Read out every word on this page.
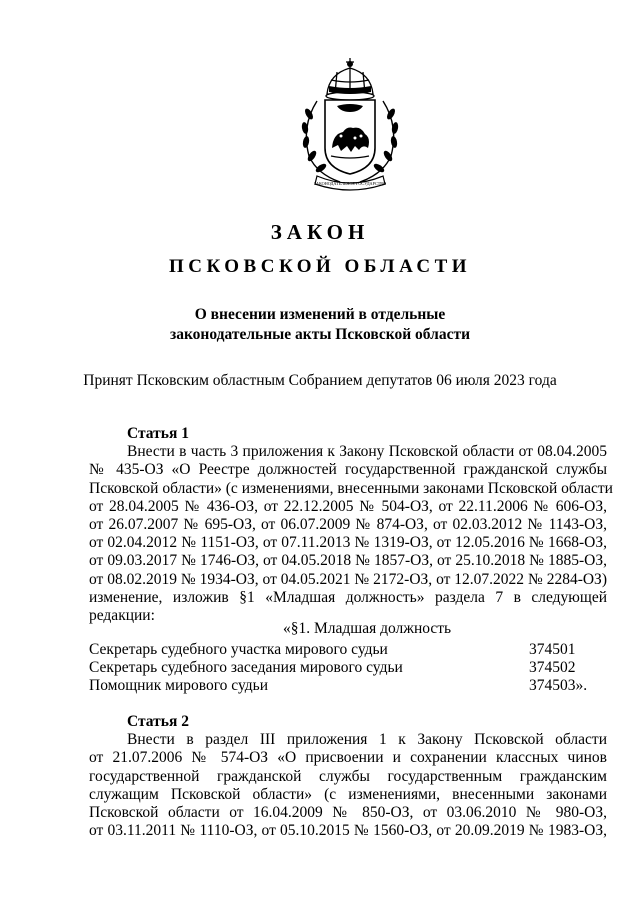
ЗАКОНОДАТЕЛЬНОЕ ГОСУДАРСТВО
ЗАКОН
ПСКОВСКОЙ ОБЛАСТИ
О внесении изменений в отдельные
законодательные акты Псковской области
Принят Псковским областным Собранием депутатов 06 июля 2023 года

Статья 1

Внести в часть 3 приложения к Закону Псковской области от 08.04.2005
№ 435-ОЗ «О Реестре должностей государственной гражданской службы
Псковской области» (с изменениями, внесенными законами Псковской области
от 28.04.2005 № 436-ОЗ, от 22.12.2005 № 504-ОЗ, от 22.11.2006 № 606-ОЗ,
от 26.07.2007 № 695-ОЗ, от 06.07.2009 № 874-ОЗ, от 02.03.2012 № 1143-ОЗ,
от 02.04.2012 № 1151-ОЗ, от 07.11.2013 № 1319-ОЗ, от 12.05.2016 № 1668-ОЗ,
от 09.03.2017 № 1746-ОЗ, от 04.05.2018 № 1857-ОЗ, от 25.10.2018 № 1885-ОЗ,
от 08.02.2019 № 1934-ОЗ, от 04.05.2021 № 2172-ОЗ, от 12.07.2022 № 2284-ОЗ)
изменение, изложив §1 «Младшая должность» раздела 7 в следующей
редакции:

«§1. Младшая должность
Секретарь судебного участка мирового судьи	374501
Секретарь судебного заседания мирового судьи	374502
Помощник мирового судьи	374503».

Статья 2

Внести в раздел III приложения 1 к Закону Псковской области
от 21.07.2006 № 574-ОЗ «О присвоении и сохранении классных чинов
государственной гражданской службы государственным гражданским
служащим Псковской области» (с изменениями, внесенными законами
Псковской области от 16.04.2009 № 850-ОЗ, от 03.06.2010 № 980-ОЗ,
от 03.11.2011 № 1110-ОЗ, от 05.10.2015 № 1560-ОЗ, от 20.09.2019 № 1983-ОЗ,
